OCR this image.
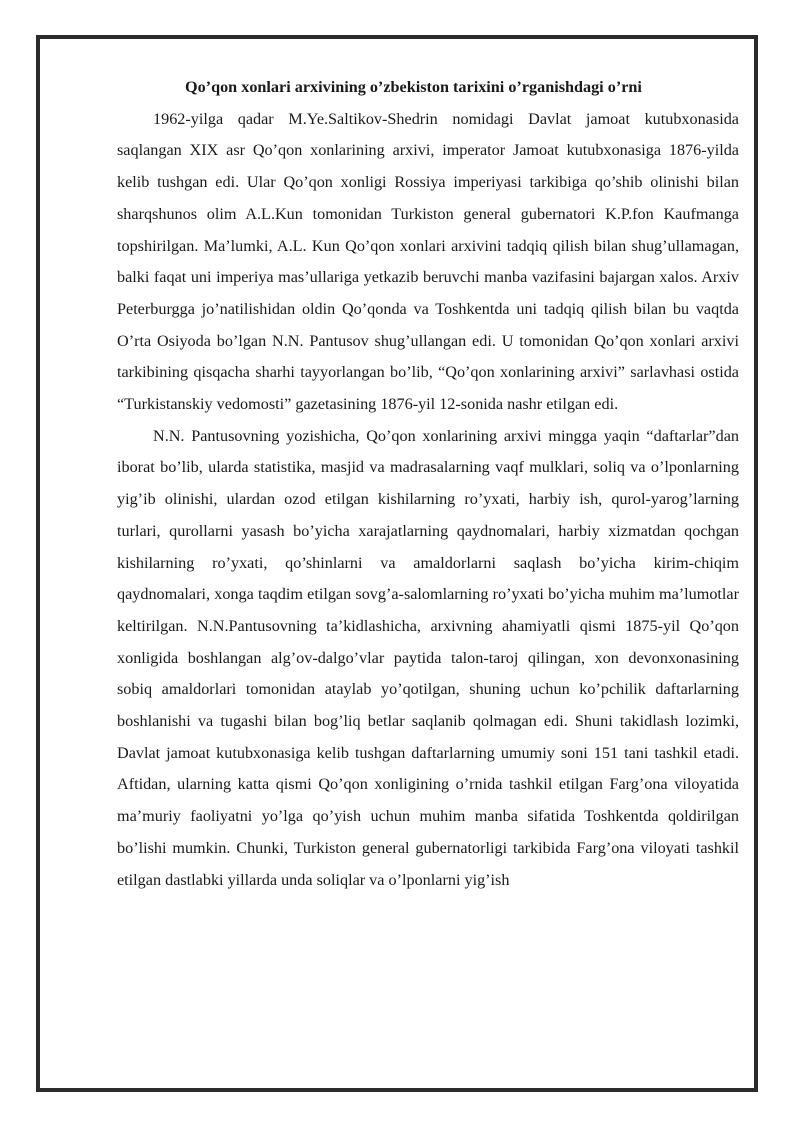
Qo’qon xonlari arxivining o’zbekiston tarixini o’rganishdagi o’rni

1962-yilga qadar M.Ye.Saltikov-Shedrin nomidagi Davlat jamoat kutubxonasida saqlangan XIX asr Qo’qon xonlarining arxivi, imperator Jamoat kutubxonasiga 1876-yilda kelib tushgan edi. Ular Qo’qon xonligi Rossiya imperiyasi tarkibiga qo’shib olinishi bilan sharqshunos olim A.L.Kun tomonidan Turkiston general gubernatori K.P.fon Kaufmanga topshirilgan. Ma’lumki, A.L. Kun Qo’qon xonlari arxivini tadqiq qilish bilan shug’ullamagan, balki faqat uni imperiya mas’ullariga yetkazib beruvchi manba vazifasini bajargan xalos. Arxiv Peterburgga jo’natilishidan oldin Qo’qonda va Toshkentda uni tadqiq qilish bilan bu vaqtda O’rta Osiyoda bo’lgan N.N. Pantusov shug’ullangan edi. U tomonidan Qo’qon xonlari arxivi tarkibining qisqacha sharhi tayyorlangan bo’lib, “Qo’qon xonlarining arxivi” sarlavhasi ostida “Turkistanskiy vedomosti” gazetasining 1876-yil 12-sonida nashr etilgan edi.

N.N. Pantusovning yozishicha, Qo’qon xonlarining arxivi mingga yaqin “daftarlar”dan iborat bo’lib, ularda statistika, masjid va madrasalarning vaqf mulklari, soliq va o’lponlarning yig’ib olinishi, ulardan ozod etilgan kishilarning ro’yxati, harbiy ish, qurol-yarog’larning turlari, qurollarni yasash bo’yicha xarajatlarning qaydnomalari, harbiy xizmatdan qochgan kishilarning ro’yxati, qo’shinlarni va amaldorlarni saqlash bo’yicha kirim-chiqim qaydnomalari, xonga taqdim etilgan sovg’a-salomlarning ro’yxati bo’yicha muhim ma’lumotlar keltirilgan. N.N.Pantusovning ta’kidlashicha, arxivning ahamiyatli qismi 1875-yil Qo’qon xonligida boshlangan alg’ov-dalgo’vlar paytida talon-taroj qilingan, xon devonxonasining sobiq amaldorlari tomonidan ataylab yo’qotilgan, shuning uchun ko’pchilik daftarlarning boshlanishi va tugashi bilan bog’liq betlar saqlanib qolmagan edi. Shuni takidlash lozimki, Davlat jamoat kutubxonasiga kelib tushgan daftarlarning umumiy soni 151 tani tashkil etadi. Aftidan, ularning katta qismi Qo’qon xonligining o’rnida tashkil etilgan Farg’ona viloyatida ma’muriy faoliyatni yo’lga qo’yish uchun muhim manba sifatida Toshkentda qoldirilgan bo’lishi mumkin. Chunki, Turkiston general gubernatorligi tarkibida Farg’ona viloyati tashkil etilgan dastlabki yillarda unda soliqlar va o’lponlarni yig’ish
